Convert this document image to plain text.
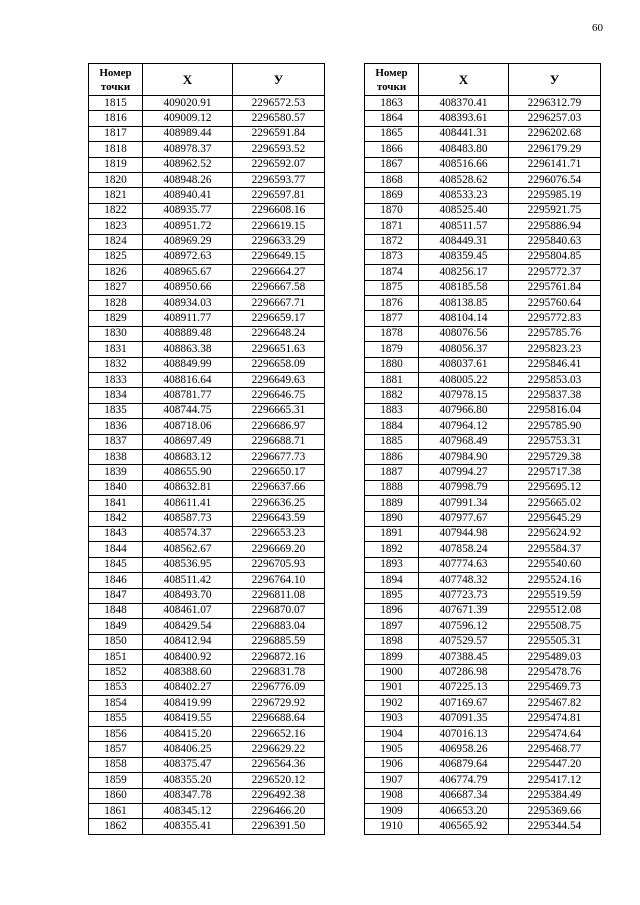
60
Номер
точки	X	У
1815	409020.91	2296572.53
1816	409009.12	2296580.57
1817	408989.44	2296591.84
1818	408978.37	2296593.52
1819	408962.52	2296592.07
1820	408948.26	2296593.77
1821	408940.41	2296597.81
1822	408935.77	2296608.16
1823	408951.72	2296619.15
1824	408969.29	2296633.29
1825	408972.63	2296649.15
1826	408965.67	2296664.27
1827	408950.66	2296667.58
1828	408934.03	2296667.71
1829	408911.77	2296659.17
1830	408889.48	2296648.24
1831	408863.38	2296651.63
1832	408849.99	2296658.09
1833	408816.64	2296649.63
1834	408781.77	2296646.75
1835	408744.75	2296665.31
1836	408718.06	2296686.97
1837	408697.49	2296688.71
1838	408683.12	2296677.73
1839	408655.90	2296650.17
1840	408632.81	2296637.66
1841	408611.41	2296636.25
1842	408587.73	2296643.59
1843	408574.37	2296653.23
1844	408562.67	2296669.20
1845	408536.95	2296705.93
1846	408511.42	2296764.10
1847	408493.70	2296811.08
1848	408461.07	2296870.07
1849	408429.54	2296883.04
1850	408412.94	2296885.59
1851	408400.92	2296872.16
1852	408388.60	2296831.78
1853	408402.27	2296776.09
1854	408419.99	2296729.92
1855	408419.55	2296688.64
1856	408415.20	2296652.16
1857	408406.25	2296629.22
1858	408375.47	2296564.36
1859	408355.20	2296520.12
1860	408347.78	2296492.38
1861	408345.12	2296466.20
1862	408355.41	2296391.50
Номер
точки	X	У
1863	408370.41	2296312.79
1864	408393.61	2296257.03
1865	408441.31	2296202.68
1866	408483.80	2296179.29
1867	408516.66	2296141.71
1868	408528.62	2296076.54
1869	408533.23	2295985.19
1870	408525.40	2295921.75
1871	408511.57	2295886.94
1872	408449.31	2295840.63
1873	408359.45	2295804.85
1874	408256.17	2295772.37
1875	408185.58	2295761.84
1876	408138.85	2295760.64
1877	408104.14	2295772.83
1878	408076.56	2295785.76
1879	408056.37	2295823.23
1880	408037.61	2295846.41
1881	408005.22	2295853.03
1882	407978.15	2295837.38
1883	407966.80	2295816.04
1884	407964.12	2295785.90
1885	407968.49	2295753.31
1886	407984.90	2295729.38
1887	407994.27	2295717.38
1888	407998.79	2295695.12
1889	407991.34	2295665.02
1890	407977.67	2295645.29
1891	407944.98	2295624.92
1892	407858.24	2295584.37
1893	407774.63	2295540.60
1894	407748.32	2295524.16
1895	407723.73	2295519.59
1896	407671.39	2295512.08
1897	407596.12	2295508.75
1898	407529.57	2295505.31
1899	407388.45	2295489.03
1900	407286.98	2295478.76
1901	407225.13	2295469.73
1902	407169.67	2295467.82
1903	407091.35	2295474.81
1904	407016.13	2295474.64
1905	406958.26	2295468.77
1906	406879.64	2295447.20
1907	406774.79	2295417.12
1908	406687.34	2295384.49
1909	406653.20	2295369.66
1910	406565.92	2295344.54
